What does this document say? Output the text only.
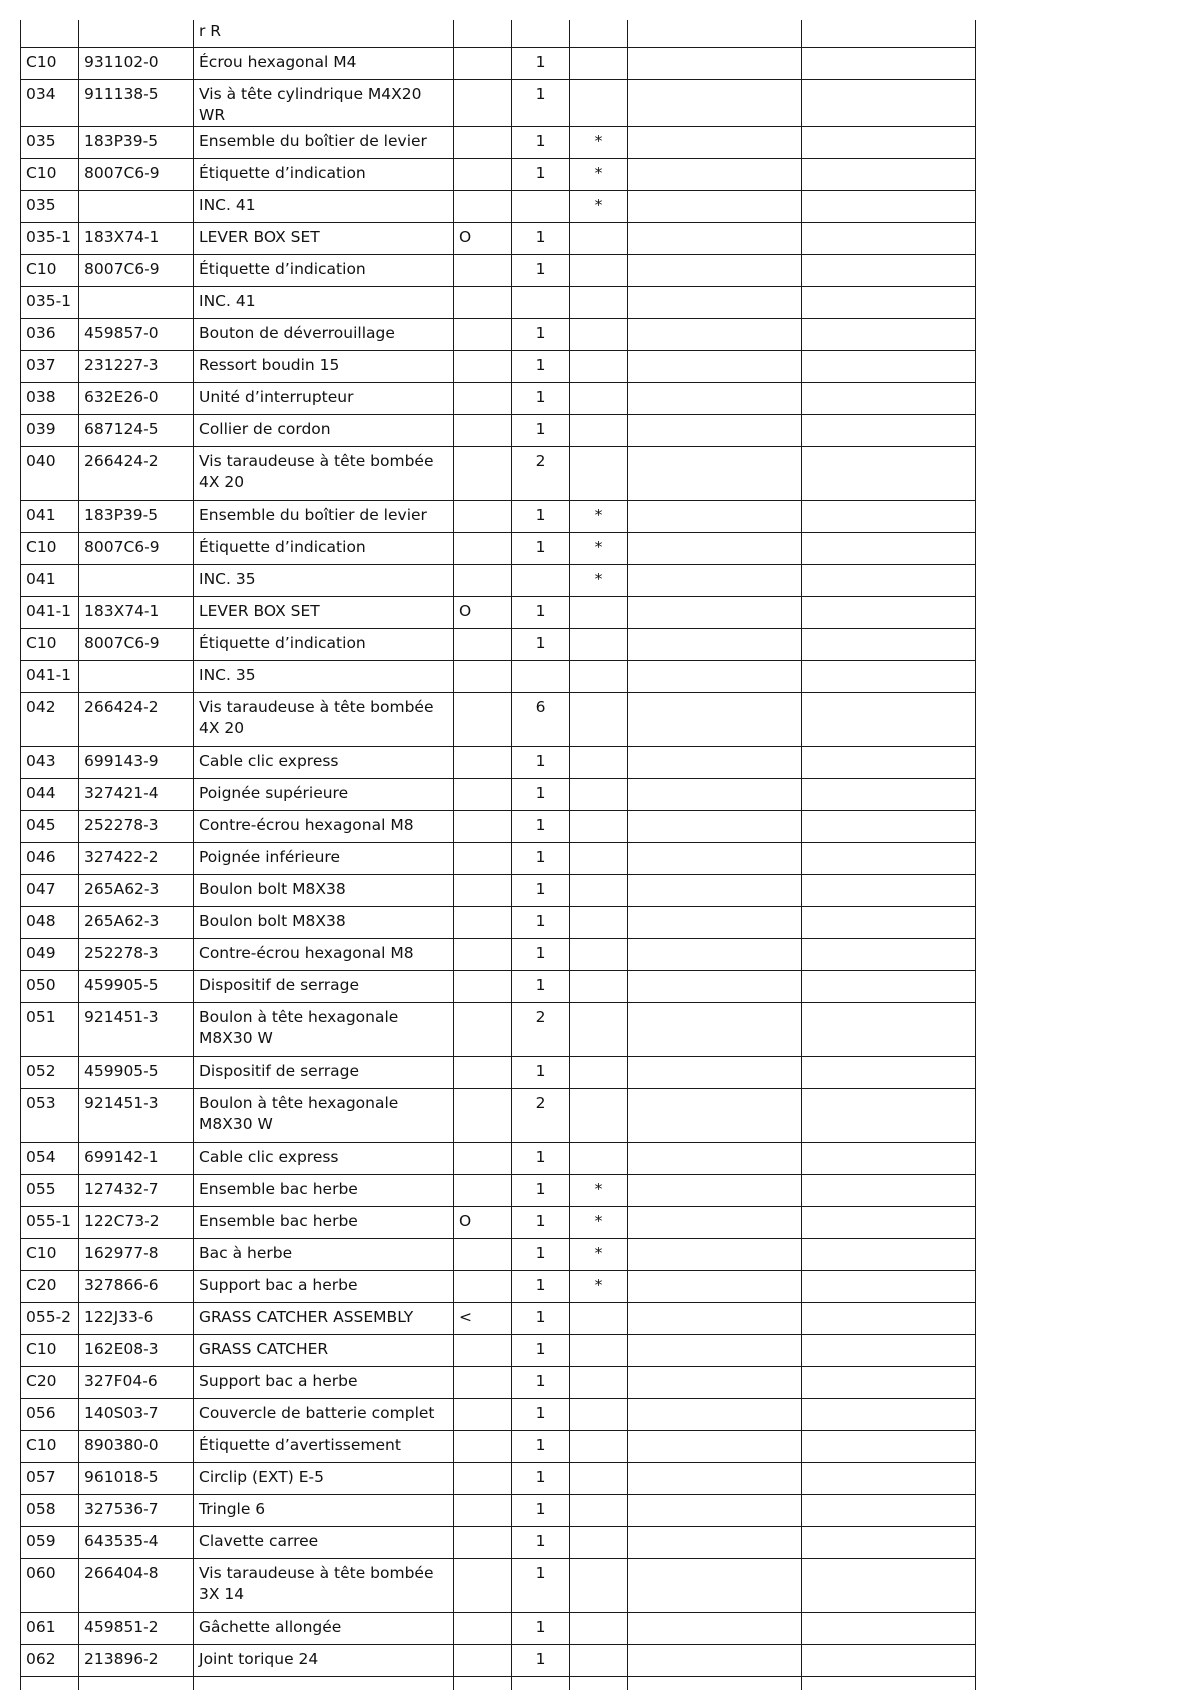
		r R					
C10	931102-0	Écrou hexagonal M4		1			
034	911138-5	Vis à tête cylindrique M4X20 WR		1			
035	183P39-5	Ensemble du boîtier de levier		1	*		
C10	8007C6-9	Étiquette d’indication		1	*		
035		INC. 41			*		
035-1	183X74-1	LEVER BOX SET	O	1			
C10	8007C6-9	Étiquette d’indication		1			
035-1		INC. 41					
036	459857-0	Bouton de déverrouillage		1			
037	231227-3	Ressort boudin 15		1			
038	632E26-0	Unité d’interrupteur		1			
039	687124-5	Collier de cordon		1			
040	266424-2	Vis taraudeuse à tête bombée 4X 20		2			
041	183P39-5	Ensemble du boîtier de levier		1	*		
C10	8007C6-9	Étiquette d’indication		1	*		
041		INC. 35			*		
041-1	183X74-1	LEVER BOX SET	O	1			
C10	8007C6-9	Étiquette d’indication		1			
041-1		INC. 35					
042	266424-2	Vis taraudeuse à tête bombée 4X 20		6			
043	699143-9	Cable clic express		1			
044	327421-4	Poignée supérieure		1			
045	252278-3	Contre-écrou hexagonal M8		1			
046	327422-2	Poignée inférieure		1			
047	265A62-3	Boulon bolt M8X38		1			
048	265A62-3	Boulon bolt M8X38		1			
049	252278-3	Contre-écrou hexagonal M8		1			
050	459905-5	Dispositif de serrage		1			
051	921451-3	Boulon à tête hexagonale M8X30 W		2			
052	459905-5	Dispositif de serrage		1			
053	921451-3	Boulon à tête hexagonale M8X30 W		2			
054	699142-1	Cable clic express		1			
055	127432-7	Ensemble bac herbe		1	*		
055-1	122C73-2	Ensemble bac herbe	O	1	*		
C10	162977-8	Bac à herbe		1	*		
C20	327866-6	Support bac a herbe		1	*		
055-2	122J33-6	GRASS CATCHER ASSEMBLY	<	1			
C10	162E08-3	GRASS CATCHER		1			
C20	327F04-6	Support bac a herbe		1			
056	140S03-7	Couvercle de batterie complet		1			
C10	890380-0	Étiquette d’avertissement		1			
057	961018-5	Circlip (EXT) E-5		1			
058	327536-7	Tringle 6		1			
059	643535-4	Clavette carree		1			
060	266404-8	Vis taraudeuse à tête bombée 3X 14		1			
061	459851-2	Gâchette allongée		1			
062	213896-2	Joint torique 24		1			
